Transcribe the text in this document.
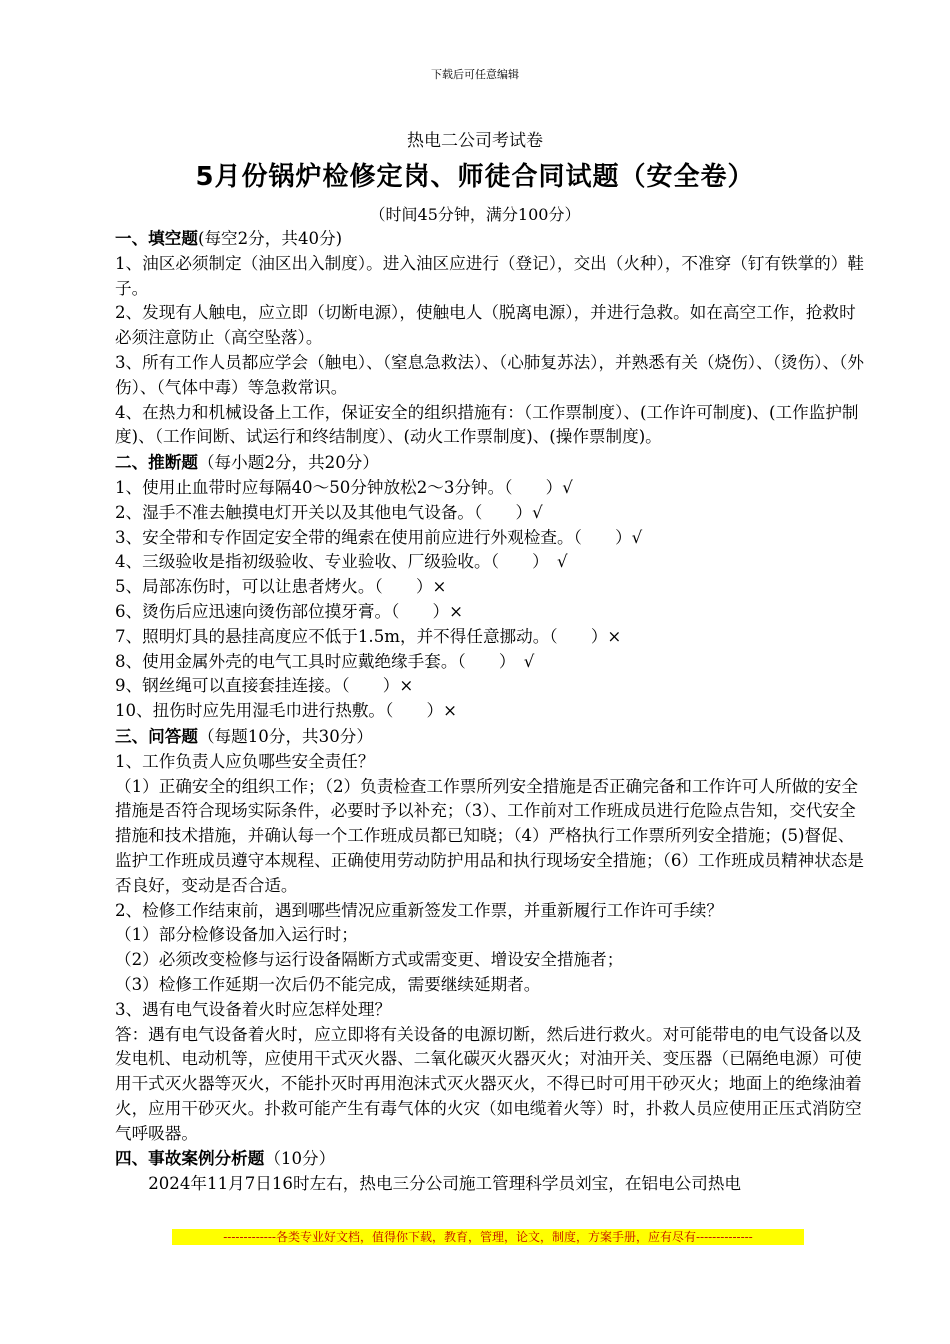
下载后可任意编辑
热电二公司考试卷
5月份锅炉检修定岗、师徒合同试题（安全卷）
（时间45分钟，满分100分）

一、填空题(每空2分，共40分)

1、油区必须制定（油区出入制度）。进入油区应进行（登记），交出（火种），不准穿（钉有铁掌的）鞋子。

2、发现有人触电，应立即（切断电源），使触电人（脱离电源），并进行急救。如在高空工作，抢救时必须注意防止（高空坠落）。

3、所有工作人员都应学会（触电）、（窒息急救法）、（心肺复苏法），并熟悉有关（烧伤）、（烫伤）、（外伤）、（气体中毒）等急救常识。

4、在热力和机械设备上工作，保证安全的组织措施有：（工作票制度）、(工作许可制度)、(工作监护制度)、（工作间断、试运行和终结制度）、(动火工作票制度)、(操作票制度)。

二、推断题（每小题2分，共20分）

1、使用止血带时应每隔40～50分钟放松2～3分钟。（　　）√

2、湿手不准去触摸电灯开关以及其他电气设备。（　　）√

3、安全带和专作固定安全带的绳索在使用前应进行外观检查。（　　）√

4、三级验收是指初级验收、专业验收、厂级验收。（　　）　√

5、局部冻伤时，可以让患者烤火。（　　）×

6、烫伤后应迅速向烫伤部位摸牙膏。（　　）×

7、照明灯具的悬挂高度应不低于1.5m，并不得任意挪动。（　　）×

8、使用金属外壳的电气工具时应戴绝缘手套。（　　）　√

9、钢丝绳可以直接套挂连接。（　　）×

10、扭伤时应先用湿毛巾进行热敷。（　　）×

三、问答题（每题10分，共30分）

1、工作负责人应负哪些安全责任？

（1）正确安全的组织工作；（2）负责检查工作票所列安全措施是否正确完备和工作许可人所做的安全措施是否符合现场实际条件，必要时予以补充；（3）、工作前对工作班成员进行危险点告知，交代安全措施和技术措施，并确认每一个工作班成员都已知晓；（4）严格执行工作票所列安全措施；(5)督促、监护工作班成员遵守本规程、正确使用劳动防护用品和执行现场安全措施；（6）工作班成员精神状态是否良好，变动是否合适。

2、检修工作结束前，遇到哪些情况应重新签发工作票，并重新履行工作许可手续？

（1）部分检修设备加入运行时；

（2）必须改变检修与运行设备隔断方式或需变更、增设安全措施者；

（3）检修工作延期一次后仍不能完成，需要继续延期者。

3、遇有电气设备着火时应怎样处理？

答：遇有电气设备着火时，应立即将有关设备的电源切断，然后进行救火。对可能带电的电气设备以及发电机、电动机等，应使用干式灭火器、二氧化碳灭火器灭火；对油开关、变压器（已隔绝电源）可使用干式灭火器等灭火，不能扑灭时再用泡沫式灭火器灭火，不得已时可用干砂灭火；地面上的绝缘油着火，应用干砂灭火。扑救可能产生有毒气体的火灾（如电缆着火等）时，扑救人员应使用正压式消防空气呼吸器。

四、事故案例分析题（10分）

2024年11月7日16时左右，热电三分公司施工管理科学员刘宝，在铝电公司热电

-------------各类专业好文档，值得你下载，教育，管理，论文，制度，方案手册，应有尽有--------------
